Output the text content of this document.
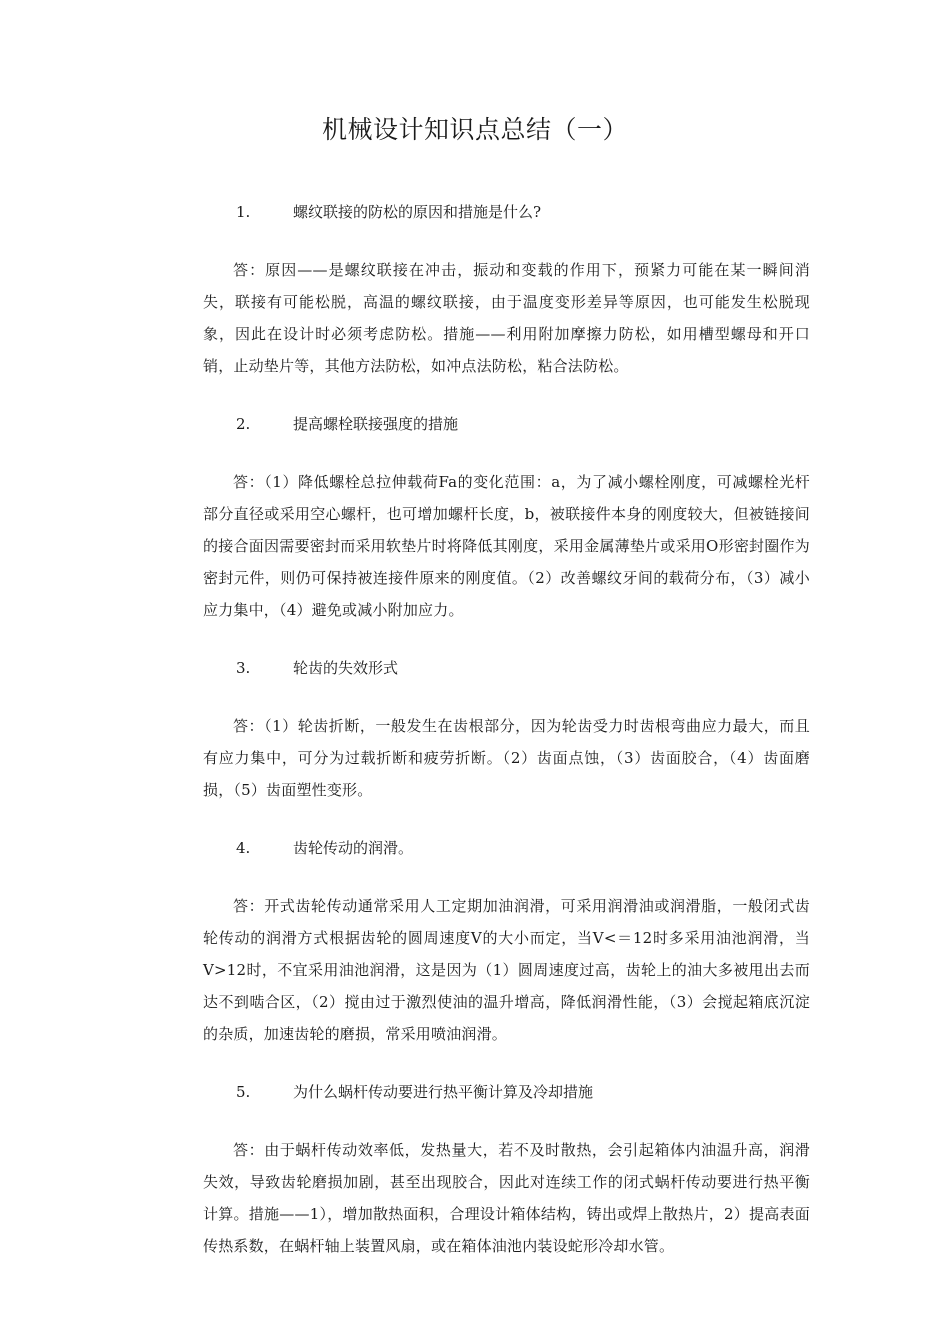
机械设计知识点总结（一）

1.	螺纹联接的防松的原因和措施是什么?

答：原因——是螺纹联接在冲击，振动和变载的作用下，预紧力可能在某一瞬间消失，联接有可能松脱，高温的螺纹联接，由于温度变形差异等原因，也可能发生松脱现象，因此在设计时必须考虑防松。措施——利用附加摩擦力防松，如用槽型螺母和开口销，止动垫片等，其他方法防松，如冲点法防松，粘合法防松。

2.	提高螺栓联接强度的措施

答：（1）降低螺栓总拉伸载荷Fa的变化范围：a，为了减小螺栓刚度，可减螺栓光杆部分直径或采用空心螺杆，也可增加螺杆长度，b，被联接件本身的刚度较大，但被链接间的接合面因需要密封而采用软垫片时将降低其刚度，采用金属薄垫片或采用O形密封圈作为密封元件，则仍可保持被连接件原来的刚度值。（2）改善螺纹牙间的载荷分布，（3）减小应力集中，（4）避免或减小附加应力。

3.	轮齿的失效形式

答：（1）轮齿折断，一般发生在齿根部分，因为轮齿受力时齿根弯曲应力最大，而且有应力集中，可分为过载折断和疲劳折断。（2）齿面点蚀，（3）齿面胶合，（4）齿面磨损，（5）齿面塑性变形。

4.	齿轮传动的润滑。

答：开式齿轮传动通常采用人工定期加油润滑，可采用润滑油或润滑脂，一般闭式齿轮传动的润滑方式根据齿轮的圆周速度V的大小而定，当V<＝12时多采用油池润滑，当V>12时，不宜采用油池润滑，这是因为（1）圆周速度过高，齿轮上的油大多被甩出去而达不到啮合区，（2）搅由过于激烈使油的温升增高，降低润滑性能，（3）会搅起箱底沉淀的杂质，加速齿轮的磨损，常采用喷油润滑。

5.	为什么蜗杆传动要进行热平衡计算及冷却措施

答：由于蜗杆传动效率低，发热量大，若不及时散热，会引起箱体内油温升高，润滑失效，导致齿轮磨损加剧，甚至出现胶合，因此对连续工作的闭式蜗杆传动要进行热平衡计算。措施——1），增加散热面积，合理设计箱体结构，铸出或焊上散热片，2）提高表面传热系数，在蜗杆轴上装置风扇，或在箱体油池内装设蛇形冷却水管。
